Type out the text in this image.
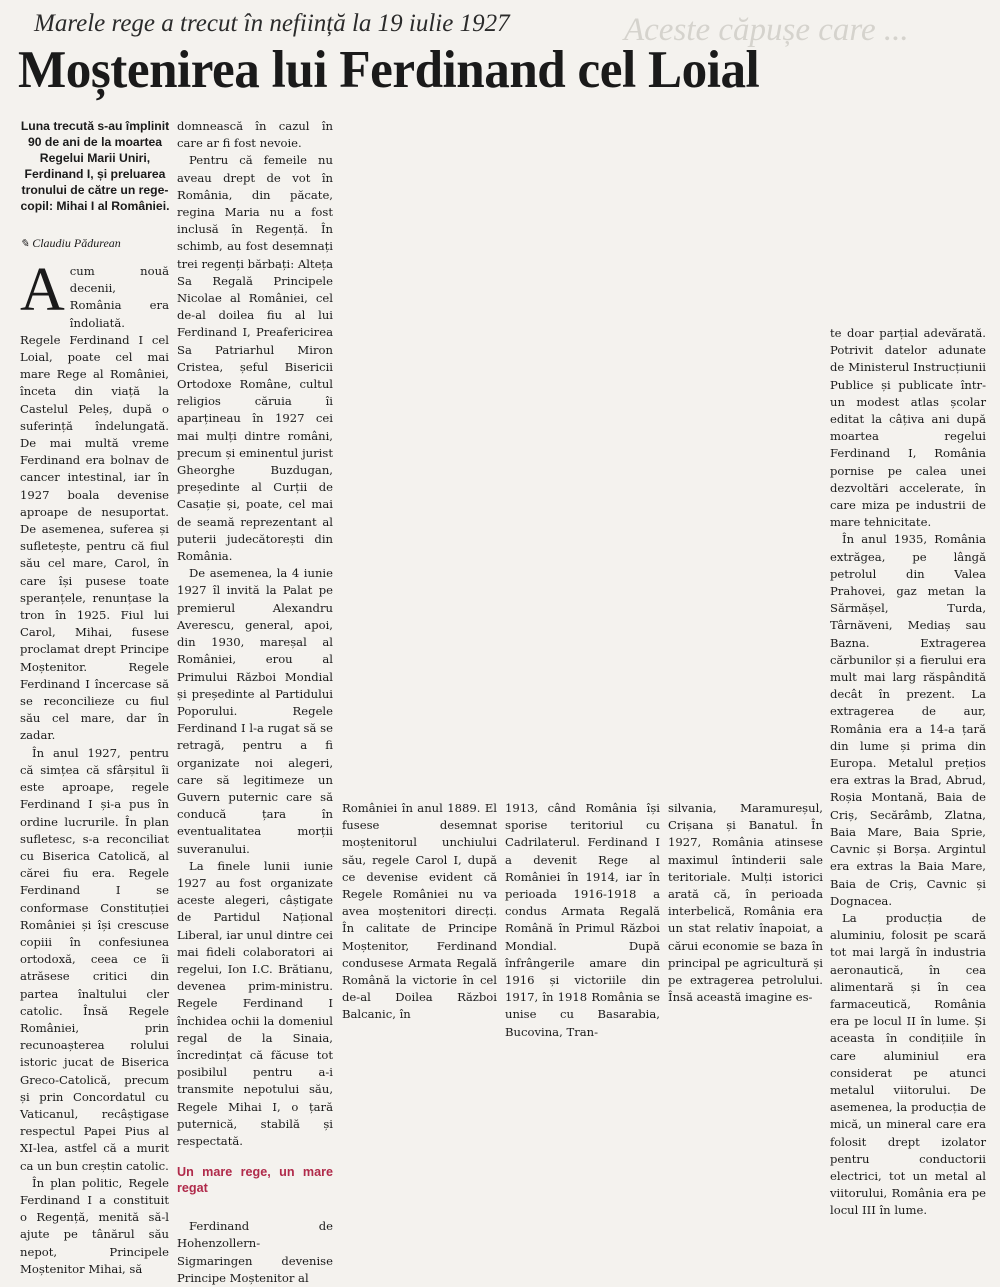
Aceste căpușe care ...
Marele rege a trecut în neființă la 19 iulie 1927
Moștenirea lui Ferdinand cel Loial
Luna trecută s-au împlinit 90 de ani de la moartea Regelui Marii Uniri, Ferdinand I, și preluarea tronului de către un rege-copil: Mihai I al României.
✎ Claudiu Pădurean

Acum nouă decenii, România era îndoliată. Regele Ferdinand I cel Loial, poate cel mai mare Rege al României, înceta din viață la Castelul Peleș, după o suferință îndelungată. De mai multă vreme Ferdinand era bolnav de cancer intestinal, iar în 1927 boala devenise aproape de nesuportat. De asemenea, suferea și sufletește, pentru că fiul său cel mare, Carol, în care își pusese toate speranțele, renunțase la tron în 1925. Fiul lui Carol, Mihai, fusese proclamat drept Principe Moștenitor. Regele Ferdinand I încercase să se reconcilieze cu fiul său cel mare, dar în zadar.

În anul 1927, pentru că simțea că sfârșitul îi este aproape, regele Ferdinand I și-a pus în ordine lucrurile. În plan sufletesc, s-a reconciliat cu Biserica Catolică, al cărei fiu era. Regele Ferdinand I se conformase Constituției României și își crescuse copiii în confesiunea ortodoxă, ceea ce îi atrăsese critici din partea înaltului cler catolic. Însă Regele României, prin recunoașterea rolului istoric jucat de Biserica Greco-Catolică, precum și prin Concordatul cu Vaticanul, recâștigase respectul Papei Pius al XI-lea, astfel că a murit ca un bun creștin catolic.

În plan politic, Regele Ferdinand I a constituit o Regență, menită să-l ajute pe tânărul său nepot, Principele Moștenitor Mihai, să

domnească în cazul în care ar fi fost nevoie.

Pentru că femeile nu aveau drept de vot în România, din păcate, regina Maria nu a fost inclusă în Regență. În schimb, au fost desemnați trei regenți bărbați: Alteța Sa Regală Principele Nicolae al României, cel de-al doilea fiu al lui Ferdinand I, Preafericirea Sa Patriarhul Miron Cristea, șeful Bisericii Ortodoxe Române, cultul religios căruia îi aparțineau în 1927 cei mai mulți dintre români, precum și eminentul jurist Gheorghe Buzdugan, președinte al Curții de Casație și, poate, cel mai de seamă reprezentant al puterii judecătorești din România.

De asemenea, la 4 iunie 1927 îl invită la Palat pe premierul Alexandru Averescu, general, apoi, din 1930, mareșal al României, erou al Primului Război Mondial și președinte al Partidului Poporului. Regele Ferdinand I l-a rugat să se retragă, pentru a fi organizate noi alegeri, care să legitimeze un Guvern puternic care să conducă țara în eventualitatea morții suveranului.

La finele lunii iunie 1927 au fost organizate aceste alegeri, câștigate de Partidul Național Liberal, iar unul dintre cei mai fideli colaboratori ai regelui, Ion I.C. Brătianu, devenea prim-ministru. Regele Ferdinand I închidea ochii la domeniul regal de la Sinaia, încredințat că făcuse tot posibilul pentru a-i transmite nepotului său, Regele Mihai I, o țară puternică, stabilă și respectată.

Un mare rege, un mare regat

Ferdinand de Hohenzollern-Sigmaringen devenise Principe Moștenitor al

României în anul 1889. El fusese desemnat moștenitorul unchiului său, regele Carol I, după ce devenise evident că Regele României nu va avea moștenitori direcți. În calitate de Principe Moștenitor, Ferdinand condusese Armata Regală Română la victorie în cel de-al Doilea Război Balcanic, în

1913, când România își sporise teritoriul cu Cadrilaterul. Ferdinand I a devenit Rege al României în 1914, iar în perioada 1916-1918 a condus Armata Regală Română în Primul Război Mondial. După înfrângerile amare din 1916 și victoriile din 1917, în 1918 România se unise cu Basarabia, Bucovina, Tran-

silvania, Maramureșul, Crișana și Banatul. În 1927, România atinsese maximul întinderii sale teritoriale. Mulți istorici arată că, în perioada interbelică, România era un stat relativ înapoiat, a cărui economie se baza în principal pe agricultură și pe extragerea petrolului. Însă această imagine es-

te doar parțial adevărată. Potrivit datelor adunate de Ministerul Instrucțiunii Publice și publicate într-un modest atlas școlar editat la câțiva ani după moartea regelui Ferdinand I, România pornise pe calea unei dezvoltări accelerate, în care miza pe industrii de mare tehnicitate.

În anul 1935, România extrăgea, pe lângă petrolul din Valea Prahovei, gaz metan la Sărmășel, Turda, Târnăveni, Mediaș sau Bazna. Extragerea cărbunilor și a fierului era mult mai larg răspândită decât în prezent. La extragerea de aur, România era a 14-a țară din lume și prima din Europa. Metalul prețios era extras la Brad, Abrud, Roșia Montană, Baia de Criș, Secărâmb, Zlatna, Baia Mare, Baia Sprie, Cavnic și Borșa. Argintul era extras la Baia Mare, Baia de Criș, Cavnic și Dognacea.

La producția de aluminiu, folosit pe scară tot mai largă în industria aeronautică, în cea alimentară și în cea farmaceutică, România era pe locul II în lume. Și aceasta în condițiile în care aluminiul era considerat pe atunci metalul viitorului. De asemenea, la producția de mică, un mineral care era folosit drept izolator pentru conductorii electrici, tot un metal al viitorului, România era pe locul III în lume.
